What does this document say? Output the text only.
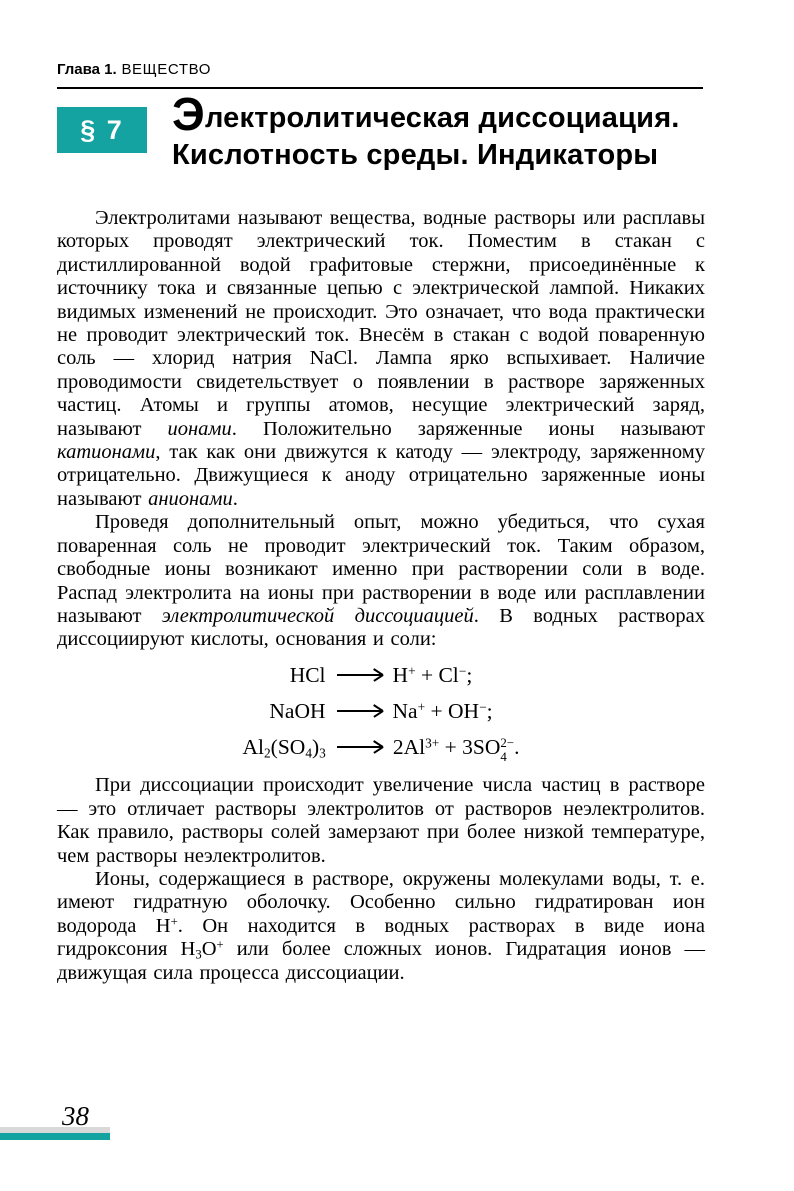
Глава 1. ВЕЩЕСТВО
§ 7 Электролитическая диссоциация.
Кислотность среды. Индикаторы

Электролитами называют вещества, водные растворы или расплавы которых проводят электрический ток. Поместим в стакан с дистиллированной водой графитовые стержни, присоединённые к источнику тока и связанные цепью с электрической лампой. Никаких видимых изменений не происходит. Это означает, что вода практически не проводит электрический ток. Внесём в стакан с водой поваренную соль — хлорид натрия NaCl. Лампа ярко вспыхивает. Наличие проводимости свидетельствует о появлении в растворе заряженных частиц. Атомы и группы атомов, несущие электрический заряд, называют ионами. Положительно заряженные ионы называют катионами, так как они движутся к катоду — электроду, заряженному отрицательно. Движущиеся к аноду отрицательно заряженные ионы называют анионами.

Проведя дополнительный опыт, можно убедиться, что сухая поваренная соль не проводит электрический ток. Таким образом, свободные ионы возникают именно при растворении соли в воде. Распад электролита на ионы при растворении в воде или расплавлении называют электролитической диссоциацией. В водных растворах диссоциируют кислоты, основания и соли:

HCl	H+ + Cl−;
NaOH	Na+ + OH−;
$Al_2(SO_4)_3$	$2Al^{3+} + 3SO$ 2−
4 .

При диссоциации происходит увеличение числа частиц в растворе — это отличает растворы электролитов от растворов неэлектролитов. Как правило, растворы солей замерзают при более низкой температуре, чем растворы неэлектролитов.

Ионы, содержащиеся в растворе, окружены молекулами воды, т. е. имеют гидратную оболочку. Особенно сильно гидратирован ион водорода H+. Он находится в водных растворах в виде иона гидроксония $H_3O^+$ или более сложных ионов. Гидратация ионов — движущая сила процесса диссоциации.

38
